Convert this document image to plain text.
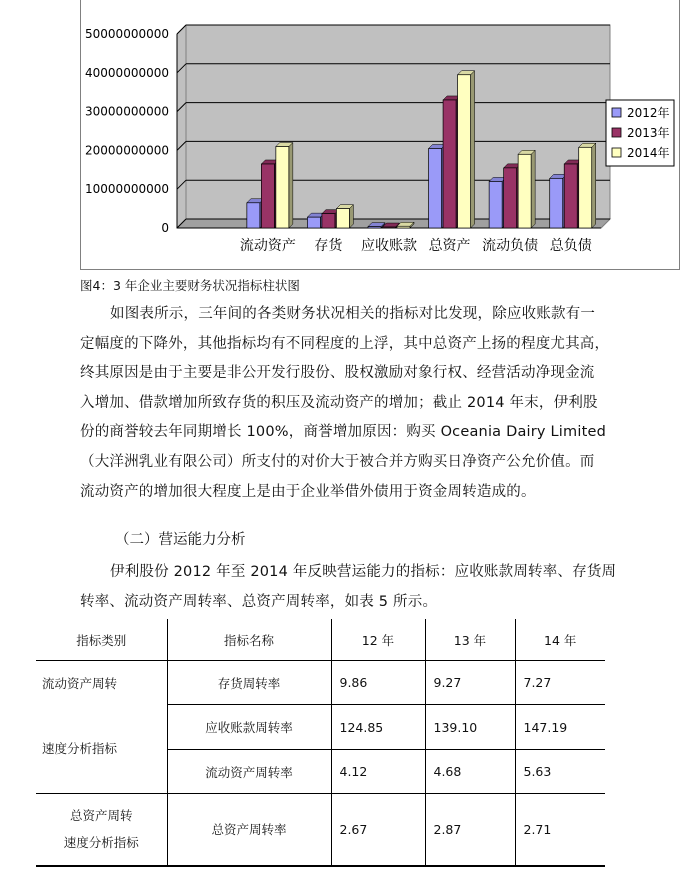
50000000000
40000000000
30000000000
20000000000
10000000000
0
流动资产 存货 应收账款 总资产 流动负债 总负债
2012年
2013年
2014年
图4：3 年企业主要财务状况指标柱状图

如图表所示，三年间的各类财务状况相关的指标对比发现，除应收账款有一

定幅度的下降外，其他指标均有不同程度的上浮，其中总资产上扬的程度尤其高，
终其原因是由于主要是非公开发行股份、股权激励对象行权、经营活动净现金流
入增加、借款增加所致存货的积压及流动资产的增加；截止 2014 年末，伊利股
份的商誉较去年同期增长 100%，商誉增加原因：购买 Oceania Dairy Limited
（大洋洲乳业有限公司）所支付的对价大于被合并方购买日净资产公允价值。而
流动资产的增加很大程度上是由于企业举借外债用于资金周转造成的。
（二）营运能力分析

伊利股份 2012 年至 2014 年反映营运能力的指标：应收账款周转率、存货周

转率、流动资产周转率、总资产周转率，如表 5 所示。
指标类别	指标名称	12 年	13 年	14 年
流动资产周转	存货周转率	9.86	9.27	7.27
速度分析指标	应收账款周转率	124.85	139.10	147.19
	流动资产周转率	4.12	4.68	5.63

总资产周转
速度分析指标	总资产周转率	2.67	2.87	2.71
